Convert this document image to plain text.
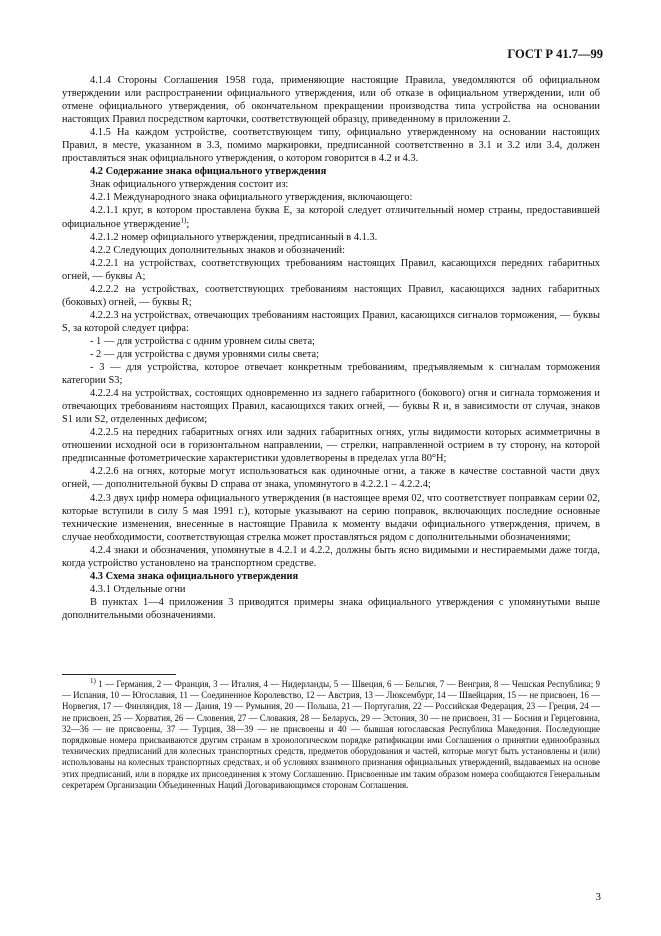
ГОСТ Р 41.7—99

4.1.4 Стороны Соглашения 1958 года, применяющие настоящие Правила, уведомляются об официальном утверждении или распространении официального утверждения, или об отказе в официальном утверждении, или об отмене официального утверждения, об окончательном прекращении производства типа устройства на основании настоящих Правил посредством карточки, соответствующей образцу, приведенному в приложении 2.

4.1.5 На каждом устройстве, соответствующем типу, официально утвержденному на основании настоящих Правил, в месте, указанном в 3.3, помимо маркировки, предписанной соответственно в 3.1 и 3.2 или 3.4, должен проставляться знак официального утверждения, о котором говорится в 4.2 и 4.3.

4.2 Содержание знака официального утверждения

Знак официального утверждения состоит из:

4.2.1 Международного знака официального утверждения, включающего:

4.2.1.1 круг, в котором проставлена буква Е, за которой следует отличительный номер страны, предоставившей официальное утверждение$^{1)}$;

4.2.1.2 номер официального утверждения, предписанный в 4.1.3.

4.2.2 Следующих дополнительных знаков и обозначений:

4.2.2.1 на устройствах, соответствующих требованиям настоящих Правил, касающихся передних габаритных огней, — буквы А;

4.2.2.2 на устройствах, соответствующих требованиям настоящих Правил, касающихся задних габаритных (боковых) огней, — буквы R;

4.2.2.3 на устройствах, отвечающих требованиям настоящих Правил, касающихся сигналов торможения, — буквы S, за которой следует цифра:

- 1 — для устройства с одним уровнем силы света;

- 2 — для устройства с двумя уровнями силы света;

- 3 — для устройства, которое отвечает конкретным требованиям, предъявляемым к сигналам торможения категории S3;

4.2.2.4 на устройствах, состоящих одновременно из заднего габаритного (бокового) огня и сигнала торможения и отвечающих требованиям настоящих Правил, касающихся таких огней, — буквы R и, в зависимости от случая, знаков S1 или S2, отделенных дефисом;

4.2.2.5 на передних габаритных огнях или задних габаритных огнях, углы видимости которых асимметричны в отношении исходной оси в горизонтальном направлении, — стрелки, направленной острием в ту сторону, на которой предписанные фотометрические характеристики удовлетворены в пределах угла 80°H;

4.2.2.6 на огнях, которые могут использоваться как одиночные огни, а также в качестве составной части двух огней, — дополнительной буквы D справа от знака, упомянутого в 4.2.2.1 – 4.2.2.4;

4.2.3 двух цифр номера официального утверждения (в настоящее время 02, что соответствует поправкам серии 02, которые вступили в силу 5 мая 1991 г.), которые указывают на серию поправок, включающих последние основные технические изменения, внесенные в настоящие Правила к моменту выдачи официального утверждения, причем, в случае необходимости, соответствующая стрелка может проставляться рядом с дополнительными обозначениями;

4.2.4 знаки и обозначения, упомянутые в 4.2.1 и 4.2.2, должны быть ясно видимыми и нестираемыми даже тогда, когда устройство установлено на транспортном средстве.

4.3 Схема знака официального утверждения

4.3.1 Отдельные огни

В пунктах 1—4 приложения 3 приводятся примеры знака официального утверждения с упомянутыми выше дополнительными обозначениями.

$^{1)}$ 1 — Германия, 2 — Франция, 3 — Италия, 4 — Нидерланды, 5 — Швеция, 6 — Бельгия, 7 — Венгрия, 8 — Чешская Республика; 9 — Испания, 10 — Югославия, 11 — Соединенное Королевство, 12 — Австрия, 13 — Люксембург, 14 — Швейцария, 15 — не присвоен, 16 — Норвегия, 17 — Финляндия, 18 — Дания, 19 — Румыния, 20 — Польша, 21 — Португалия, 22 — Российская Федерация, 23 — Греция, 24 — не присвоен, 25 — Хорватия, 26 — Словения, 27 — Словакия, 28 — Беларусь, 29 — Эстония, 30 — не присвоен, 31 — Босния и Герцеговина, 32—36 — не присвоены, 37 — Турция, 38—39 — не присвоены и 40 — бывшая югославская Республика Македония. Последующие порядковые номера присваиваются другим странам в хронологическом порядке ратификации ими Соглашения о принятии единообразных технических предписаний для колесных транспортных средств, предметов оборудования и частей, которые могут быть установлены и (или) использованы на колесных транспортных средствах, и об условиях взаимного признания официальных утверждений, выдаваемых на основе этих предписаний, или в порядке их присоединения к этому Соглашению. Присвоенные им таким образом номера сообщаются Генеральным секретарем Организации Объединенных Наций Договаривающимся сторонам Соглашения.

3
